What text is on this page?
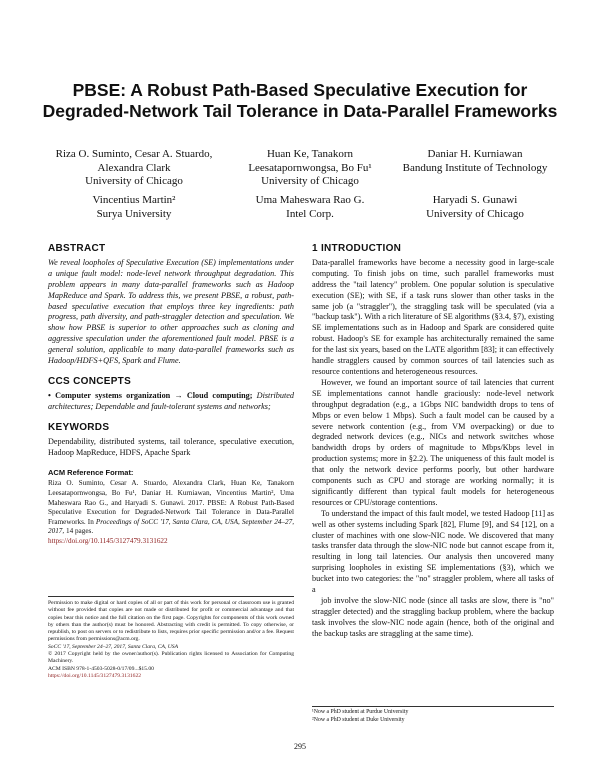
PBSE: A Robust Path-Based Speculative Execution for Degraded-Network Tail Tolerance in Data-Parallel Frameworks
Riza O. Suminto, Cesar A. Stuardo, Alexandra Clark
University of Chicago
Huan Ke, Tanakorn Leesatapornwongsa, Bo Fu¹
University of Chicago
Daniar H. Kurniawan
Bandung Institute of Technology
Vincentius Martin²
Surya University
Uma Maheswara Rao G.
Intel Corp.
Haryadi S. Gunawi
University of Chicago
ABSTRACT

We reveal loopholes of Speculative Execution (SE) implementations under a unique fault model: node-level network throughput degradation. This problem appears in many data-parallel frameworks such as Hadoop MapReduce and Spark. To address this, we present PBSE, a robust, path-based speculative execution that employs three key ingredients: path progress, path diversity, and path-straggler detection and speculation. We show how PBSE is superior to other approaches such as cloning and aggressive speculation under the aforementioned fault model. PBSE is a general solution, applicable to many data-parallel frameworks such as Hadoop/HDFS+QFS, Spark and Flume.

CCS CONCEPTS

• Computer systems organization → Cloud computing; Distributed architectures; Dependable and fault-tolerant systems and networks;

KEYWORDS

Dependability, distributed systems, tail tolerance, speculative execution, Hadoop MapReduce, HDFS, Apache Spark

ACM Reference Format:

Riza O. Suminto, Cesar A. Stuardo, Alexandra Clark, Huan Ke, Tanakorn Leesatapornwongsa, Bo Fu¹, Daniar H. Kurniawan, Vincentius Martin², Uma Maheswara Rao G., and Haryadi S. Gunawi. 2017. PBSE: A Robust Path-Based Speculative Execution for Degraded-Network Tail Tolerance in Data-Parallel Frameworks. In Proceedings of SoCC '17, Santa Clara, CA, USA, September 24–27, 2017, 14 pages.
https://doi.org/10.1145/3127479.3131622

Permission to make digital or hard copies of all or part of this work for personal or classroom use is granted without fee provided that copies are not made or distributed for profit or commercial advantage and that copies bear this notice and the full citation on the first page. Copyrights for components of this work owned by others than the author(s) must be honored. Abstracting with credit is permitted. To copy otherwise, or republish, to post on servers or to redistribute to lists, requires prior specific permission and/or a fee. Request permissions from permissions@acm.org.
SoCC '17, September 24–27, 2017, Santa Clara, CA, USA
© 2017 Copyright held by the owner/author(s). Publication rights licensed to Association for Computing Machinery.
ACM ISBN 978-1-4503-5028-0/17/09...$15.00
https://doi.org/10.1145/3127479.3131622
1 INTRODUCTION

Data-parallel frameworks have become a necessity good in large-scale computing. To finish jobs on time, such parallel frameworks must address the "tail latency" problem. One popular solution is speculative execution (SE); with SE, if a task runs slower than other tasks in the same job (a "straggler"), the straggling task will be speculated (via a "backup task"). With a rich literature of SE algorithms (§3.4, §7), existing SE implementations such as in Hadoop and Spark are considered quite robust. Hadoop's SE for example has architecturally remained the same for the last six years, based on the LATE algorithm [83]; it can effectively handle stragglers caused by common sources of tail latencies such as resource contentions and heterogeneous resources.

However, we found an important source of tail latencies that current SE implementations cannot handle graciously: node-level network throughput degradation (e.g., a 1Gbps NIC bandwidth drops to tens of Mbps or even below 1 Mbps). Such a fault model can be caused by a severe network contention (e.g., from VM overpacking) or due to degraded network devices (e.g., NICs and network switches whose bandwidth drops by orders of magnitude to Mbps/Kbps level in production systems; more in §2.2). The uniqueness of this fault model is that only the network device performs poorly, but other hardware components such as CPU and storage are working normally; it is significantly different than typical fault models for heterogeneous resources or CPU/storage contentions.

To understand the impact of this fault model, we tested Hadoop [11] as well as other systems including Spark [82], Flume [9], and S4 [12], on a cluster of machines with one slow-NIC node. We discovered that many tasks transfer data through the slow-NIC node but cannot escape from it, resulting in long tail latencies. Our analysis then uncovered many surprising loopholes in existing SE implementations (§3), which we bucket into two categories: the "no" straggler problem, where all tasks of a

job involve the slow-NIC node (since all tasks are slow, there is "no" straggler detected) and the straggling backup problem, where the backup task involves the slow-NIC node again (hence, both of the original and the backup tasks are straggling at the same time).

¹Now a PhD student at Purdue University
²Now a PhD student at Duke University
295
